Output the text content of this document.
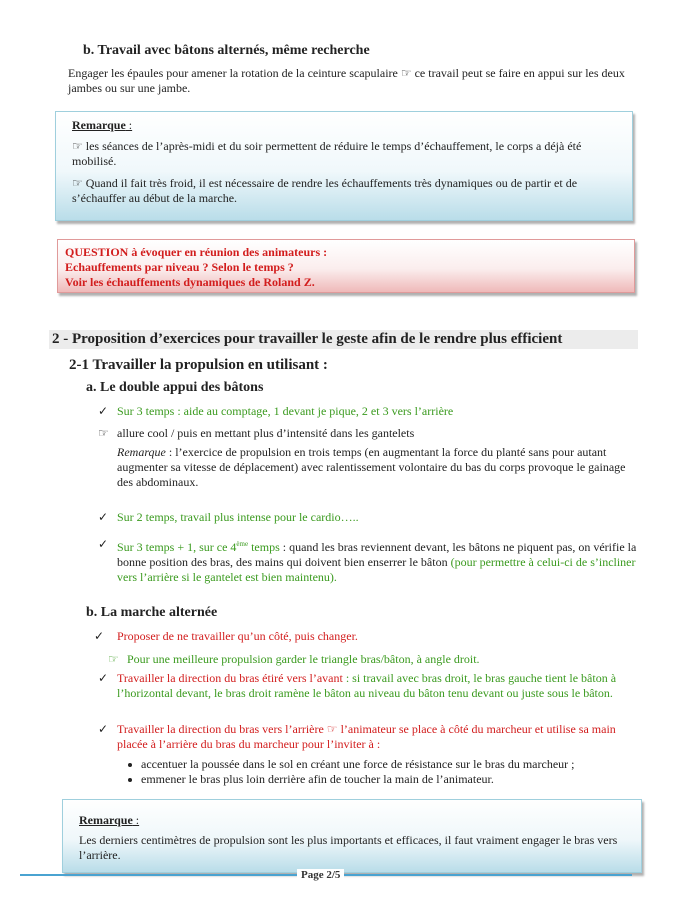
b. Travail avec bâtons alternés, même recherche
Engager les épaules pour amener la rotation de la ceinture scapulaire ☞ ce travail peut se faire en appui sur les deux jambes ou sur une jambe.
Remarque :
☞ les séances de l’après-midi et du soir permettent de réduire le temps d’échauffement, le corps a déjà été mobilisé.
☞ Quand il fait très froid, il est nécessaire de rendre les échauffements très dynamiques ou de partir et de s’échauffer au début de la marche.
QUESTION à évoquer en réunion des animateurs :
Echauffements par niveau ? Selon le temps ?
Voir les échauffements dynamiques de Roland Z.
2 - Proposition d’exercices pour travailler le geste afin de le rendre plus efficient
2-1 Travailler la propulsion en utilisant :
a. Le double appui des bâtons
✓ Sur 3 temps : aide au comptage, 1 devant je pique, 2 et 3 vers l’arrière
☞ allure cool / puis en mettant plus d’intensité dans les gantelets
Remarque : l’exercice de propulsion en trois temps (en augmentant la force du planté sans pour autant augmenter sa vitesse de déplacement) avec ralentissement volontaire du bas du corps provoque le gainage des abdominaux.
✓ Sur 2 temps, travail plus intense pour le cardio…..
✓ Sur 3 temps + 1, sur ce 4ème temps : quand les bras reviennent devant, les bâtons ne piquent pas, on vérifie la bonne position des bras, des mains qui doivent bien enserrer le bâton (pour permettre à celui-ci de s’incliner vers l’arrière si le gantelet est bien maintenu).
b. La marche alternée
✓ Proposer de ne travailler qu’un côté, puis changer.
☞ Pour une meilleure propulsion garder le triangle bras/bâton, à angle droit.
✓ Travailler la direction du bras étiré vers l’avant : si travail avec bras droit, le bras gauche tient le bâton à l’horizontal devant, le bras droit ramène le bâton au niveau du bâton tenu devant ou juste sous le bâton.
✓ Travailler la direction du bras vers l’arrière ☞ l’animateur se place à côté du marcheur et utilise sa main placée à l’arrière du bras du marcheur pour l’inviter à :
accentuer la poussée dans le sol en créant une force de résistance sur le bras du marcheur ;
emmener le bras plus loin derrière afin de toucher la main de l’animateur.
Remarque :
Les derniers centimètres de propulsion sont les plus importants et efficaces, il faut vraiment engager le bras vers l’arrière.
Page 2/5
